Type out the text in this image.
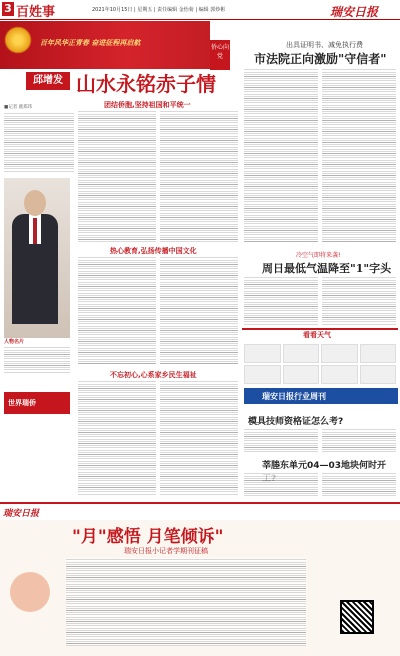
3 百姓事	2021年10月15日 | 星期五 | 责任编辑 金怡菊 | 编辑 郭炒彬	瑞安日报
百年风华正青春 奋进征程再启航
侨心向党
邱增发 山水永铭赤子情
■记者 鹿郑玮
人物名片
世界瑞侨
团结侨胞,坚持祖国和平统一
热心教育,弘扬传播中国文化
不忘初心,心系家乡民生福祉
出具证明书、减免执行费
市法院正向激励"守信者"
冷空气即将来袭!
周日最低气温降至"1"字头
看看天气
瑞安日报行业周刊
模具技师资格证怎么考?
莘塍东单元04—03地块何时开
瑞安日报
"月"感悟 月笔倾诉"
瑞安日报小记者学期刊征稿
